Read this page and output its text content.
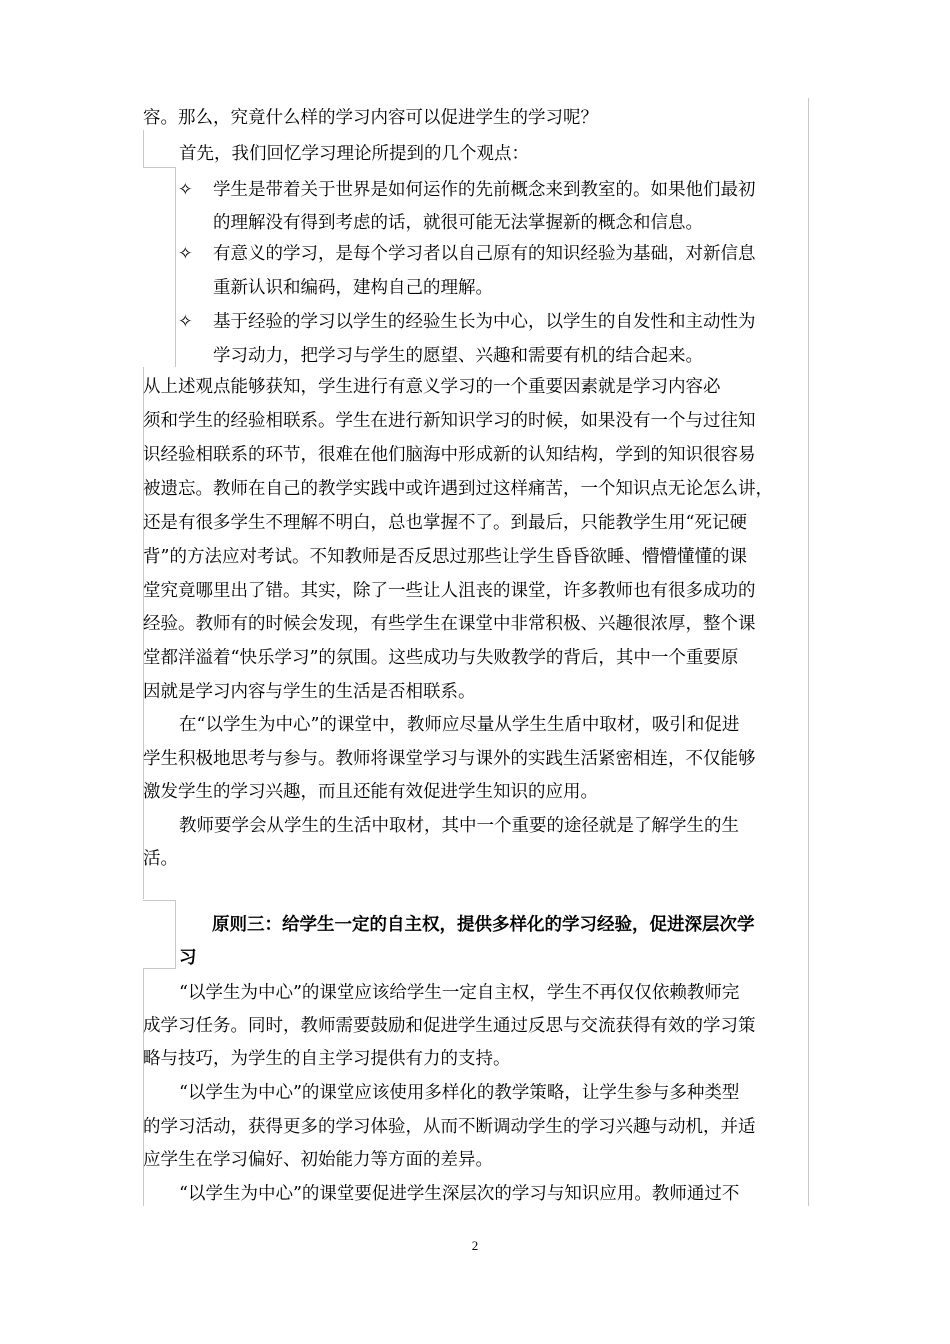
容。那么，究竟什么样的学习内容可以促进学生的学习呢？
首先，我们回忆学习理论所提到的几个观点：
✧ 学生是带着关于世界是如何运作的先前概念来到教室的。如果他们最初
的理解没有得到考虑的话，就很可能无法掌握新的概念和信息。
✧ 有意义的学习，是每个学习者以自己原有的知识经验为基础，对新信息
重新认识和编码，建构自己的理解。
✧ 基于经验的学习以学生的经验生长为中心，以学生的自发性和主动性为
学习动力，把学习与学生的愿望、兴趣和需要有机的结合起来。
从上述观点能够获知，学生进行有意义学习的一个重要因素就是学习内容必
须和学生的经验相联系。学生在进行新知识学习的时候，如果没有一个与过往知
识经验相联系的环节，很难在他们脑海中形成新的认知结构，学到的知识很容易
被遗忘。教师在自己的教学实践中或许遇到过这样痛苦，一个知识点无论怎么讲，
还是有很多学生不理解不明白，总也掌握不了。到最后，只能教学生用“死记硬
背”的方法应对考试。不知教师是否反思过那些让学生昏昏欲睡、懵懵懂懂的课
堂究竟哪里出了错。其实，除了一些让人沮丧的课堂，许多教师也有很多成功的
经验。教师有的时候会发现，有些学生在课堂中非常积极、兴趣很浓厚，整个课
堂都洋溢着“快乐学习”的氛围。这些成功与失败教学的背后，其中一个重要原
因就是学习内容与学生的生活是否相联系。
在“以学生为中心”的课堂中，教师应尽量从学生生盾中取材，吸引和促进
学生积极地思考与参与。教师将课堂学习与课外的实践生活紧密相连，不仅能够
激发学生的学习兴趣，而且还能有效促进学生知识的应用。
教师要学会从学生的生活中取材，其中一个重要的途径就是了解学生的生
活。
原则三：给学生一定的自主权，提供多样化的学习经验，促进深层次学
习
“以学生为中心”的课堂应该给学生一定自主权，学生不再仅仅依赖教师完
成学习任务。同时，教师需要鼓励和促进学生通过反思与交流获得有效的学习策
略与技巧，为学生的自主学习提供有力的支持。
“以学生为中心”的课堂应该使用多样化的教学策略，让学生参与多种类型
的学习活动，获得更多的学习体验，从而不断调动学生的学习兴趣与动机，并适
应学生在学习偏好、初始能力等方面的差异。
“以学生为中心”的课堂要促进学生深层次的学习与知识应用。教师通过不
2
